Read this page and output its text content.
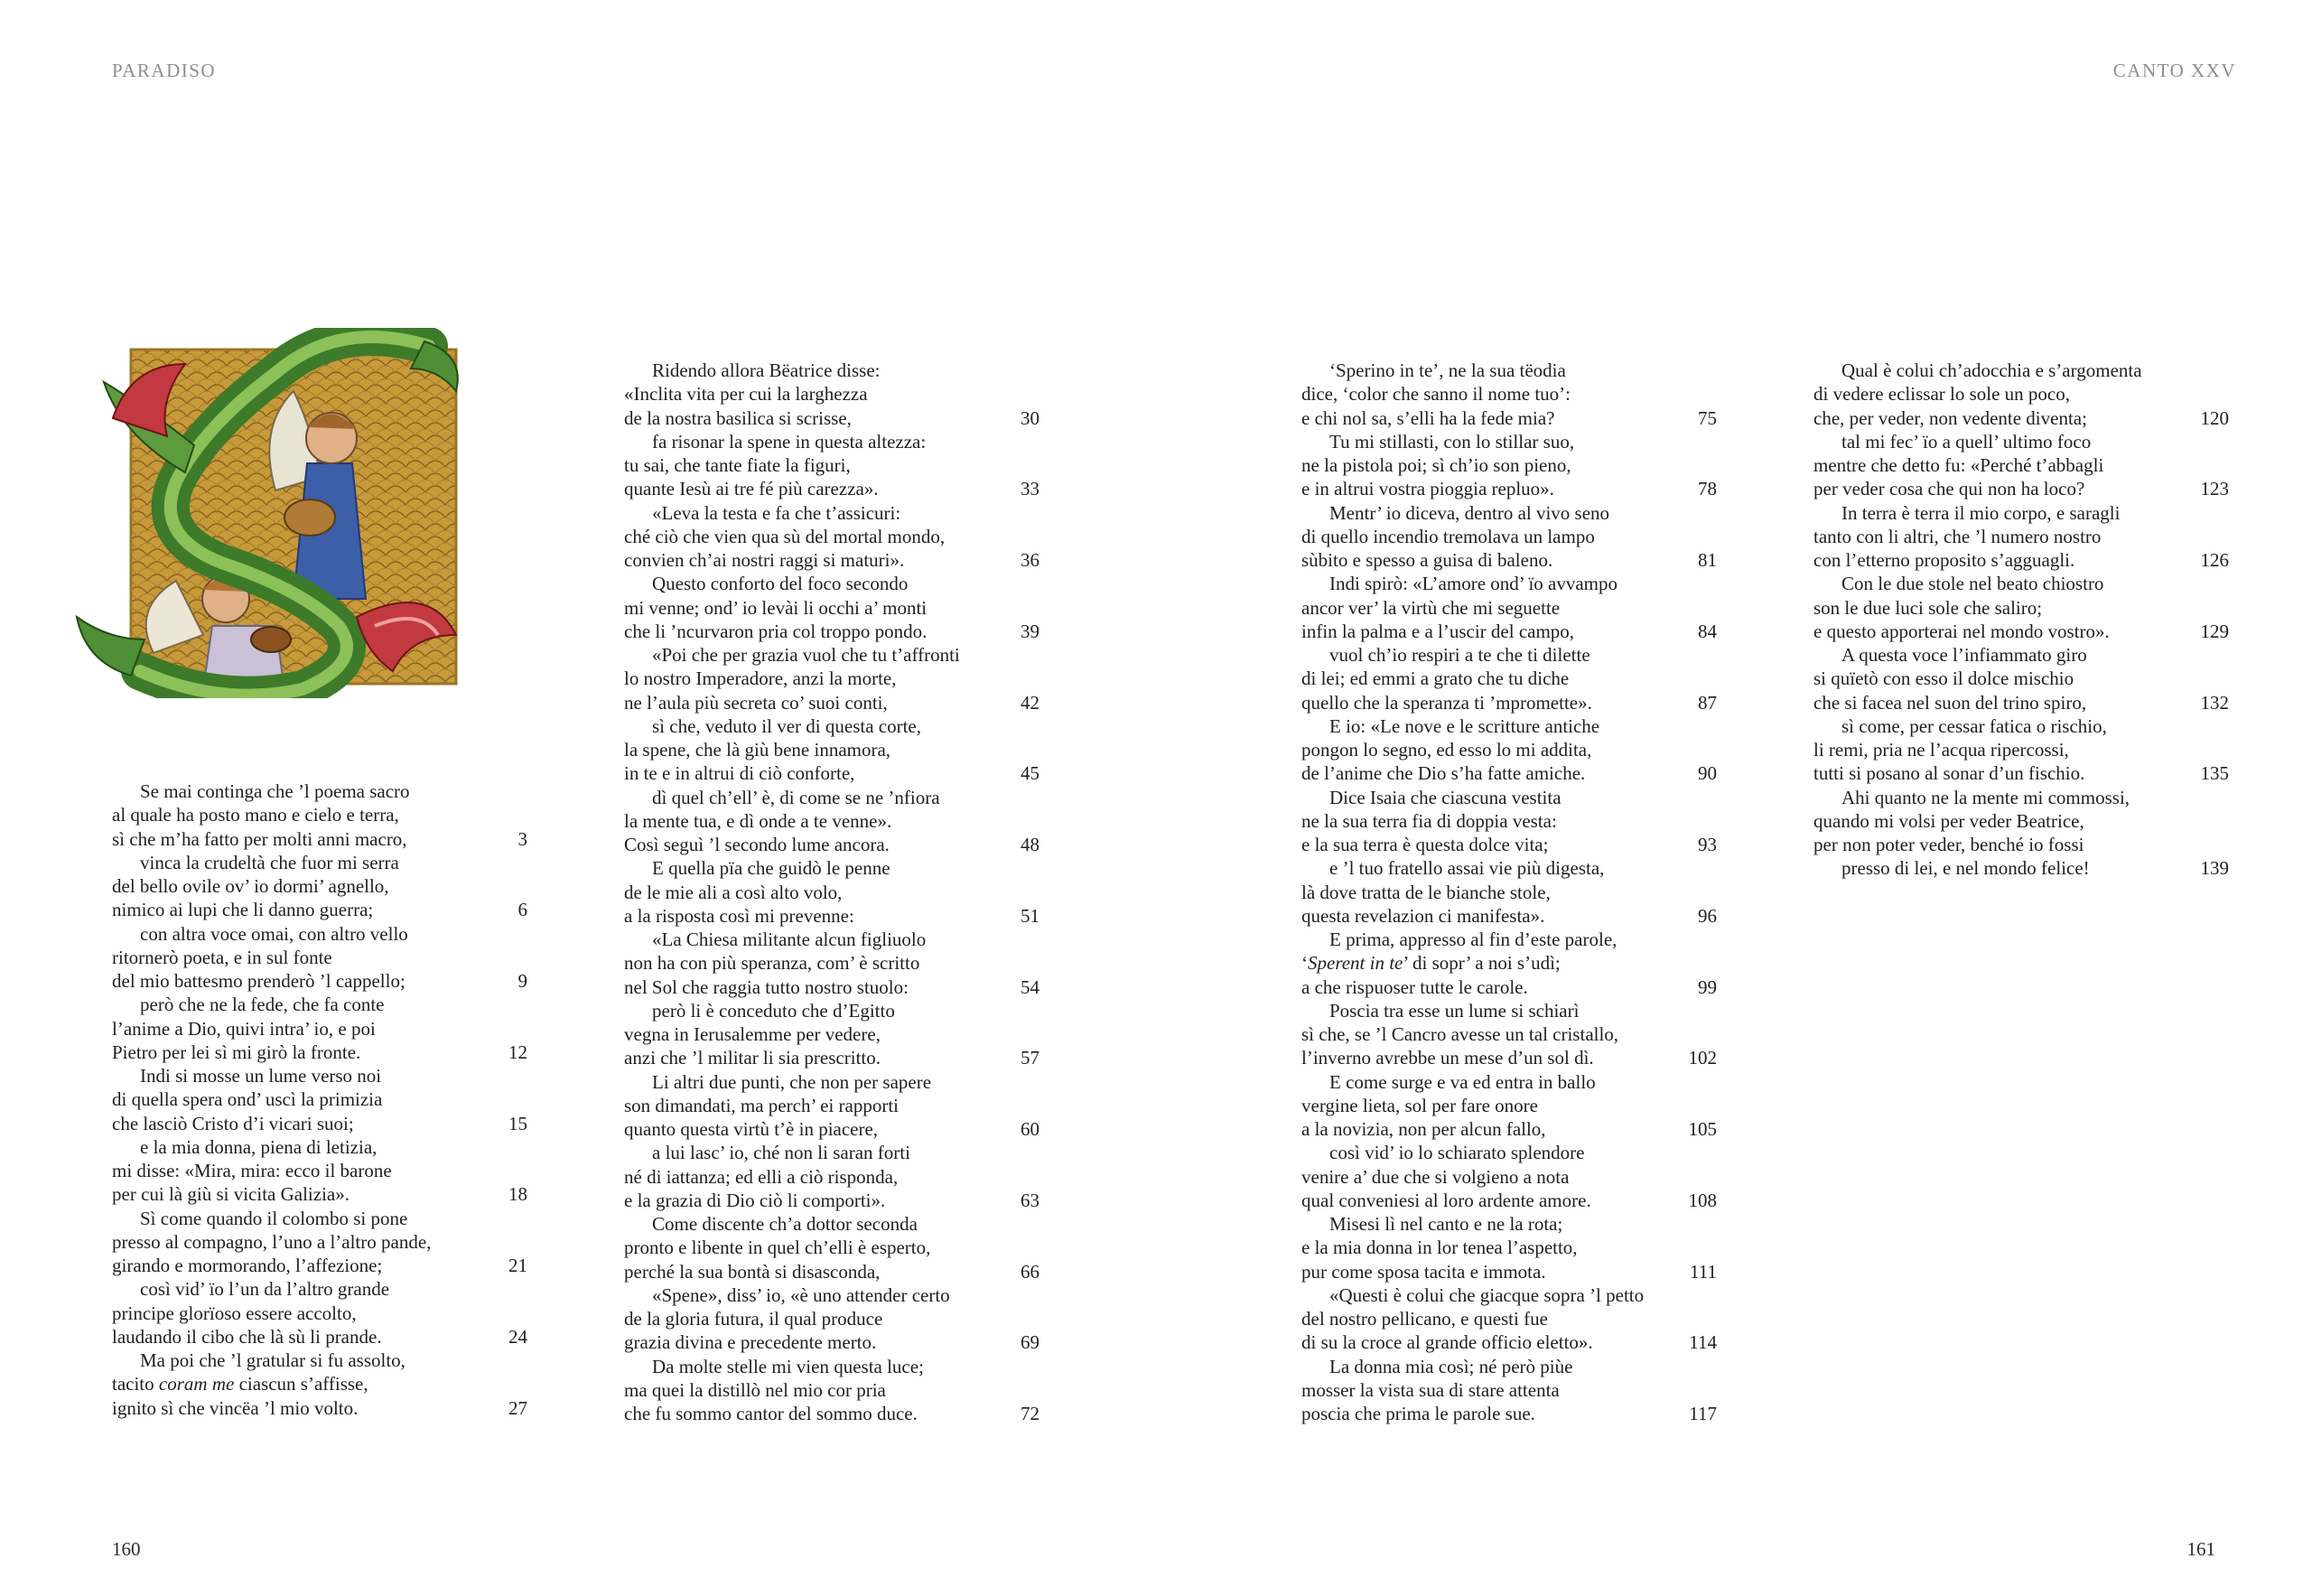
PARADISO	CANTO XXV
Se mai continga che ’l poema sacro
al quale ha posto mano e cielo e terra,
sì che m’ha fatto per molti anni macro,	3
vinca la crudeltà che fuor mi serra
del bello ovile ov’ io dormi’ agnello,
nimico ai lupi che li danno guerra;	6
con altra voce omai, con altro vello
ritornerò poeta, e in sul fonte
del mio battesmo prenderò ’l cappello;	9
però che ne la fede, che fa conte
l’anime a Dio, quivi intra’ io, e poi
Pietro per lei sì mi girò la fronte.	12
Indi si mosse un lume verso noi
di quella spera ond’ uscì la primizia
che lasciò Cristo d’i vicari suoi;	15
e la mia donna, piena di letizia,
mi disse: «Mira, mira: ecco il barone
per cui là giù si vicita Galizia».	18
Sì come quando il colombo si pone
presso al compagno, l’uno a l’altro pande,
girando e mormorando, l’affezione;	21
così vid’ ïo l’un da l’altro grande
principe glorïoso essere accolto,
laudando il cibo che là sù li prande.	24
Ma poi che ’l gratular si fu assolto,
tacito coram me ciascun s’affisse,
ignito sì che vincëa ’l mio volto.	27
Ridendo allora Bëatrice disse:
«Inclita vita per cui la larghezza
de la nostra basilica si scrisse,	30
fa risonar la spene in questa altezza:
tu sai, che tante fiate la figuri,
quante Iesù ai tre fé più carezza».	33
«Leva la testa e fa che t’assicuri:
ché ciò che vien qua sù del mortal mondo,
convien ch’ai nostri raggi si maturi».	36
Questo conforto del foco secondo
mi venne; ond’ io levài li occhi a’ monti
che li ’ncurvaron pria col troppo pondo.	39
«Poi che per grazia vuol che tu t’affronti
lo nostro Imperadore, anzi la morte,
ne l’aula più secreta co’ suoi conti,	42
sì che, veduto il ver di questa corte,
la spene, che là giù bene innamora,
in te e in altrui di ciò conforte,	45
dì quel ch’ell’ è, di come se ne ’nfiora
la mente tua, e dì onde a te venne».
Così seguì ’l secondo lume ancora.	48
E quella pïa che guidò le penne
de le mie ali a così alto volo,
a la risposta così mi prevenne:	51
«La Chiesa militante alcun figliuolo
non ha con più speranza, com’ è scritto
nel Sol che raggia tutto nostro stuolo:	54
però li è conceduto che d’Egitto
vegna in Ierusalemme per vedere,
anzi che ’l militar li sia prescritto.	57
Li altri due punti, che non per sapere
son dimandati, ma perch’ ei rapporti
quanto questa virtù t’è in piacere,	60
a lui lasc’ io, ché non li saran forti
né di iattanza; ed elli a ciò risponda,
e la grazia di Dio ciò li comporti».	63
Come discente ch’a dottor seconda
pronto e libente in quel ch’elli è esperto,
perché la sua bontà si disasconda,	66
«Spene», diss’ io, «è uno attender certo
de la gloria futura, il qual produce
grazia divina e precedente merto.	69
Da molte stelle mi vien questa luce;
ma quei la distillò nel mio cor pria
che fu sommo cantor del sommo duce.	72
‘Sperino in te’, ne la sua tëodia
dice, ‘color che sanno il nome tuo’:
e chi nol sa, s’elli ha la fede mia?	75
Tu mi stillasti, con lo stillar suo,
ne la pistola poi; sì ch’io son pieno,
e in altrui vostra pioggia repluo».	78
Mentr’ io diceva, dentro al vivo seno
di quello incendio tremolava un lampo
sùbito e spesso a guisa di baleno.	81
Indi spirò: «L’amore ond’ ïo avvampo
ancor ver’ la virtù che mi seguette
infin la palma e a l’uscir del campo,	84
vuol ch’io respiri a te che ti dilette
di lei; ed emmi a grato che tu diche
quello che la speranza ti ’mpromette».	87
E io: «Le nove e le scritture antiche
pongon lo segno, ed esso lo mi addita,
de l’anime che Dio s’ha fatte amiche.	90
Dice Isaia che ciascuna vestita
ne la sua terra fia di doppia vesta:
e la sua terra è questa dolce vita;	93
e ’l tuo fratello assai vie più digesta,
là dove tratta de le bianche stole,
questa revelazion ci manifesta».	96
E prima, appresso al fin d’este parole,
‘Sperent in te’ di sopr’ a noi s’udì;
a che rispuoser tutte le carole.	99
Poscia tra esse un lume si schiarì
sì che, se ’l Cancro avesse un tal cristallo,
l’inverno avrebbe un mese d’un sol dì.	102
E come surge e va ed entra in ballo
vergine lieta, sol per fare onore
a la novizia, non per alcun fallo,	105
così vid’ io lo schiarato splendore
venire a’ due che si volgieno a nota
qual conveniesi al loro ardente amore.	108
Misesi lì nel canto e ne la rota;
e la mia donna in lor tenea l’aspetto,
pur come sposa tacita e immota.	111
«Questi è colui che giacque sopra ’l petto
del nostro pellicano, e questi fue
di su la croce al grande officio eletto».	114
La donna mia così; né però piùe
mosser la vista sua di stare attenta
poscia che prima le parole sue.	117
Qual è colui ch’adocchia e s’argomenta
di vedere eclissar lo sole un poco,
che, per veder, non vedente diventa;	120
tal mi fec’ ïo a quell’ ultimo foco
mentre che detto fu: «Perché t’abbagli
per veder cosa che qui non ha loco?	123
In terra è terra il mio corpo, e saragli
tanto con li altri, che ’l numero nostro
con l’etterno proposito s’agguagli.	126
Con le due stole nel beato chiostro
son le due luci sole che saliro;
e questo apporterai nel mondo vostro».	129
A questa voce l’infiammato giro
si quïetò con esso il dolce mischio
che si facea nel suon del trino spiro,	132
sì come, per cessar fatica o rischio,
li remi, pria ne l’acqua ripercossi,
tutti si posano al sonar d’un fischio.	135
Ahi quanto ne la mente mi commossi,
quando mi volsi per veder Beatrice,
per non poter veder, benché io fossi
presso di lei, e nel mondo felice!	139
160	161
